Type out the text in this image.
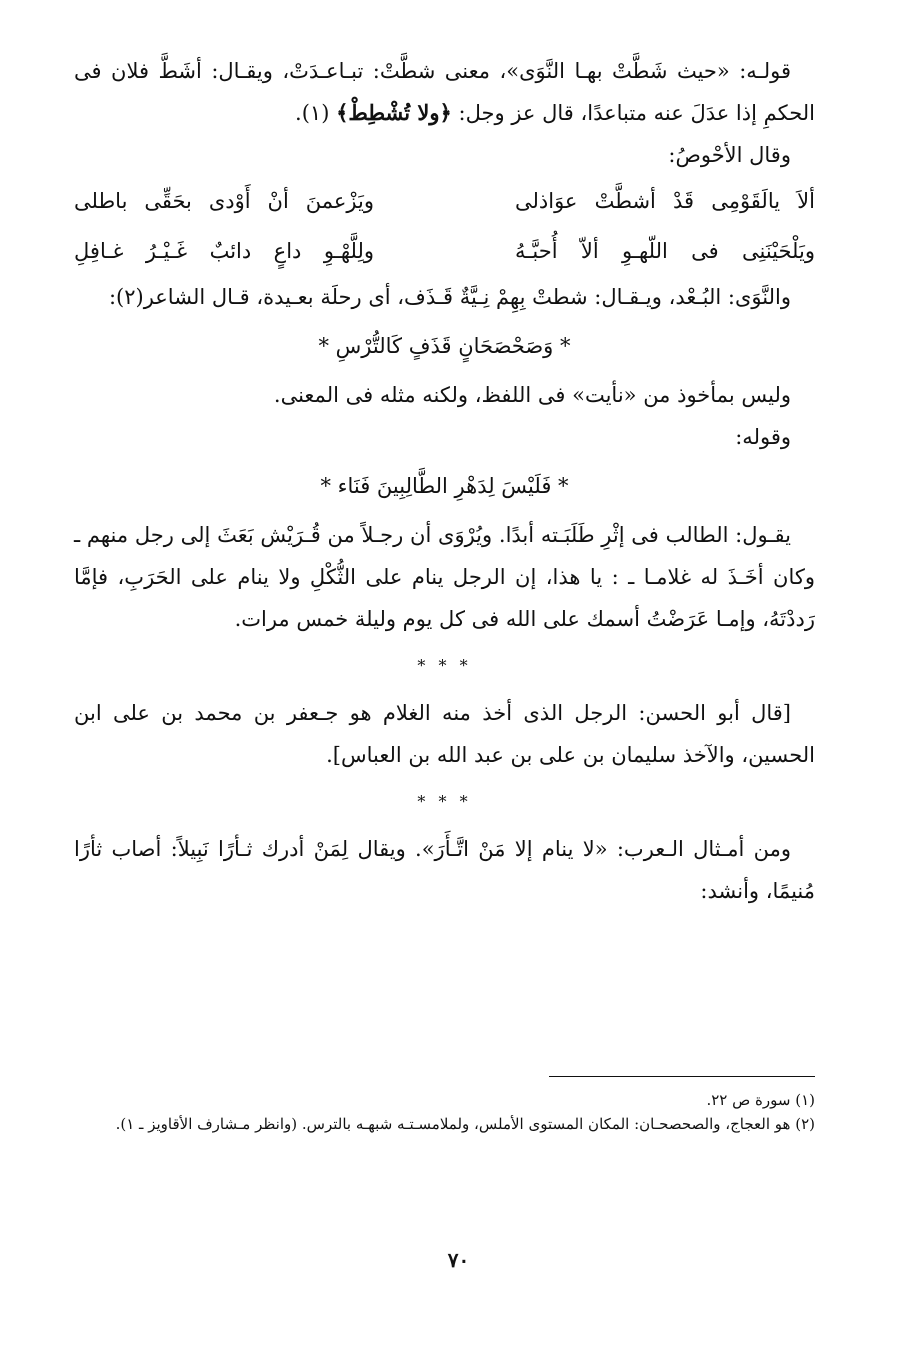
قولـه: «حيث شَطَّتْ بهـا النَّوَى»، معنى شطَّتْ: تبـاعـدَتْ، ويقـال: أشَطَّ فلان فى الحكمِ إذا عدَلَ عنه متباعدًا، قال عز وجل: ﴿ولا تُشْطِطْ﴾ (١).

وقال الأحْوصُ:

ألاَ يالَقَوْمِى قَدْ أشطَّتْ عوَاذلى
ويَزْعمنَ أنْ أَوْدى بحَقِّى باطلى
ويَلْحَيْنَنِى فى اللّهـوِ ألاّ أُحبَّـهُ
ولِلَّهْـوِ داعٍ دائبٌ غَـيْـرُ غـافِلِ

والنَّوَى: البُـعْد، ويـقـال: شطتْ بِهِمْ نِـيَّةٌ قَـذَف، أى رحلَة بعـيدة، قـال الشاعر(٢):

* وَصَحْصَحَانٍ قَذَفٍ كَالتُّرْسِ *

وليس بمأخوذ من «نأيت» فى اللفظ، ولكنه مثله فى المعنى.

وقوله:

* فَلَيْسَ لِدَهْرِ الطَّالِبِينَ فَنَاء *

يقـول: الطالب فى إثْرِ طَلَبَـته أبدًا. ويُرْوَى أن رجـلاً من قُـرَيْش بَعَثَ إلى رجل منهم ـ وكان أخَـذَ له غلامـا ـ : يا هذا، إن الرجل ينام على الثُّكْلِ ولا ينام على الحَرَبِ، فإمَّا رَددْتَهُ، وإمـا عَرَضْتُ أسمك على الله فى كل يوم وليلة خمس مرات.

* * *

[قال أبو الحسن: الرجل الذى أخذ منه الغلام هو جـعفر بن محمد بن على ابن الحسين، والآخذ سليمان بن على بن عبد الله بن العباس].

* * *

ومن أمـثال الـعرب: «لا ينام إلا مَنْ اتَّـأَرَ». ويقال لِمَنْ أدرك ثـأرًا نَبِيلاً: أصاب ثأرًا مُنيمًا، وأنشد:

(١) سورة ص ٢٢.

(٢) هو العجاج، والصحصحـان: المكان المستوى الأملس، ولملامسـتـه شبهـه بالترس. (وانظر مـشارف الأقاويز ـ ١).

٧٠
